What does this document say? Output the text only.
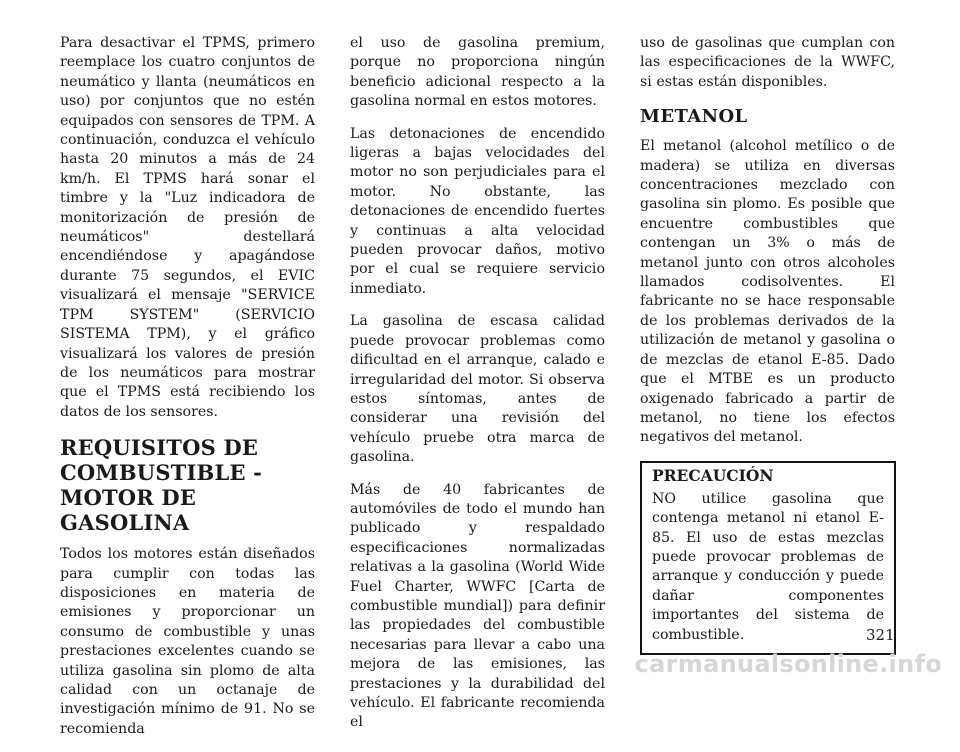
Para desactivar el TPMS, primero reemplace los cuatro conjuntos de neumático y llanta (neumáticos en uso) por conjuntos que no estén equipados con sensores de TPM. A continuación, conduzca el vehículo hasta 20 minutos a más de 24 km/h. El TPMS hará sonar el timbre y la "Luz indicadora de monitorización de presión de neumáticos" destellará encendiéndose y apagándose durante 75 segundos, el EVIC visualizará el mensaje "SERVICE TPM SYSTEM" (SERVICIO SISTEMA TPM), y el gráfico visualizará los valores de presión de los neumáticos para mostrar que el TPMS está recibiendo los datos de los sensores.

REQUISITOS DE COMBUSTIBLE - MOTOR DE GASOLINA

Todos los motores están diseñados para cumplir con todas las disposiciones en materia de emisiones y proporcionar un consumo de combustible y unas prestaciones excelentes cuando se utiliza gasolina sin plomo de alta calidad con un octanaje de investigación mínimo de 91. No se recomienda

el uso de gasolina premium, porque no proporciona ningún beneficio adicional respecto a la gasolina normal en estos motores.

Las detonaciones de encendido ligeras a bajas velocidades del motor no son perjudiciales para el motor. No obstante, las detonaciones de encendido fuertes y continuas a alta velocidad pueden provocar daños, motivo por el cual se requiere servicio inmediato.

La gasolina de escasa calidad puede provocar problemas como dificultad en el arranque, calado e irregularidad del motor. Si observa estos síntomas, antes de considerar una revisión del vehículo pruebe otra marca de gasolina.

Más de 40 fabricantes de automóviles de todo el mundo han publicado y respaldado especificaciones normalizadas relativas a la gasolina (World Wide Fuel Charter, WWFC [Carta de combustible mundial]) para definir las propiedades del combustible necesarias para llevar a cabo una mejora de las emisiones, las prestaciones y la durabilidad del vehículo. El fabricante recomienda el

uso de gasolinas que cumplan con las especificaciones de la WWFC, si estas están disponibles.

METANOL

El metanol (alcohol metílico o de madera) se utiliza en diversas concentraciones mezclado con gasolina sin plomo. Es posible que encuentre combustibles que contengan un 3% o más de metanol junto con otros alcoholes llamados codisolventes. El fabricante no se hace responsable de los problemas derivados de la utilización de metanol y gasolina o de mezclas de etanol E-85. Dado que el MTBE es un producto oxigenado fabricado a partir de metanol, no tiene los efectos negativos del metanol.

PRECAUCIÓN

NO utilice gasolina que contenga metanol ni etanol E-85. El uso de estas mezclas puede provocar problemas de arranque y conducción y puede dañar componentes importantes del sistema de combustible.	321
carmanualsonline.info
